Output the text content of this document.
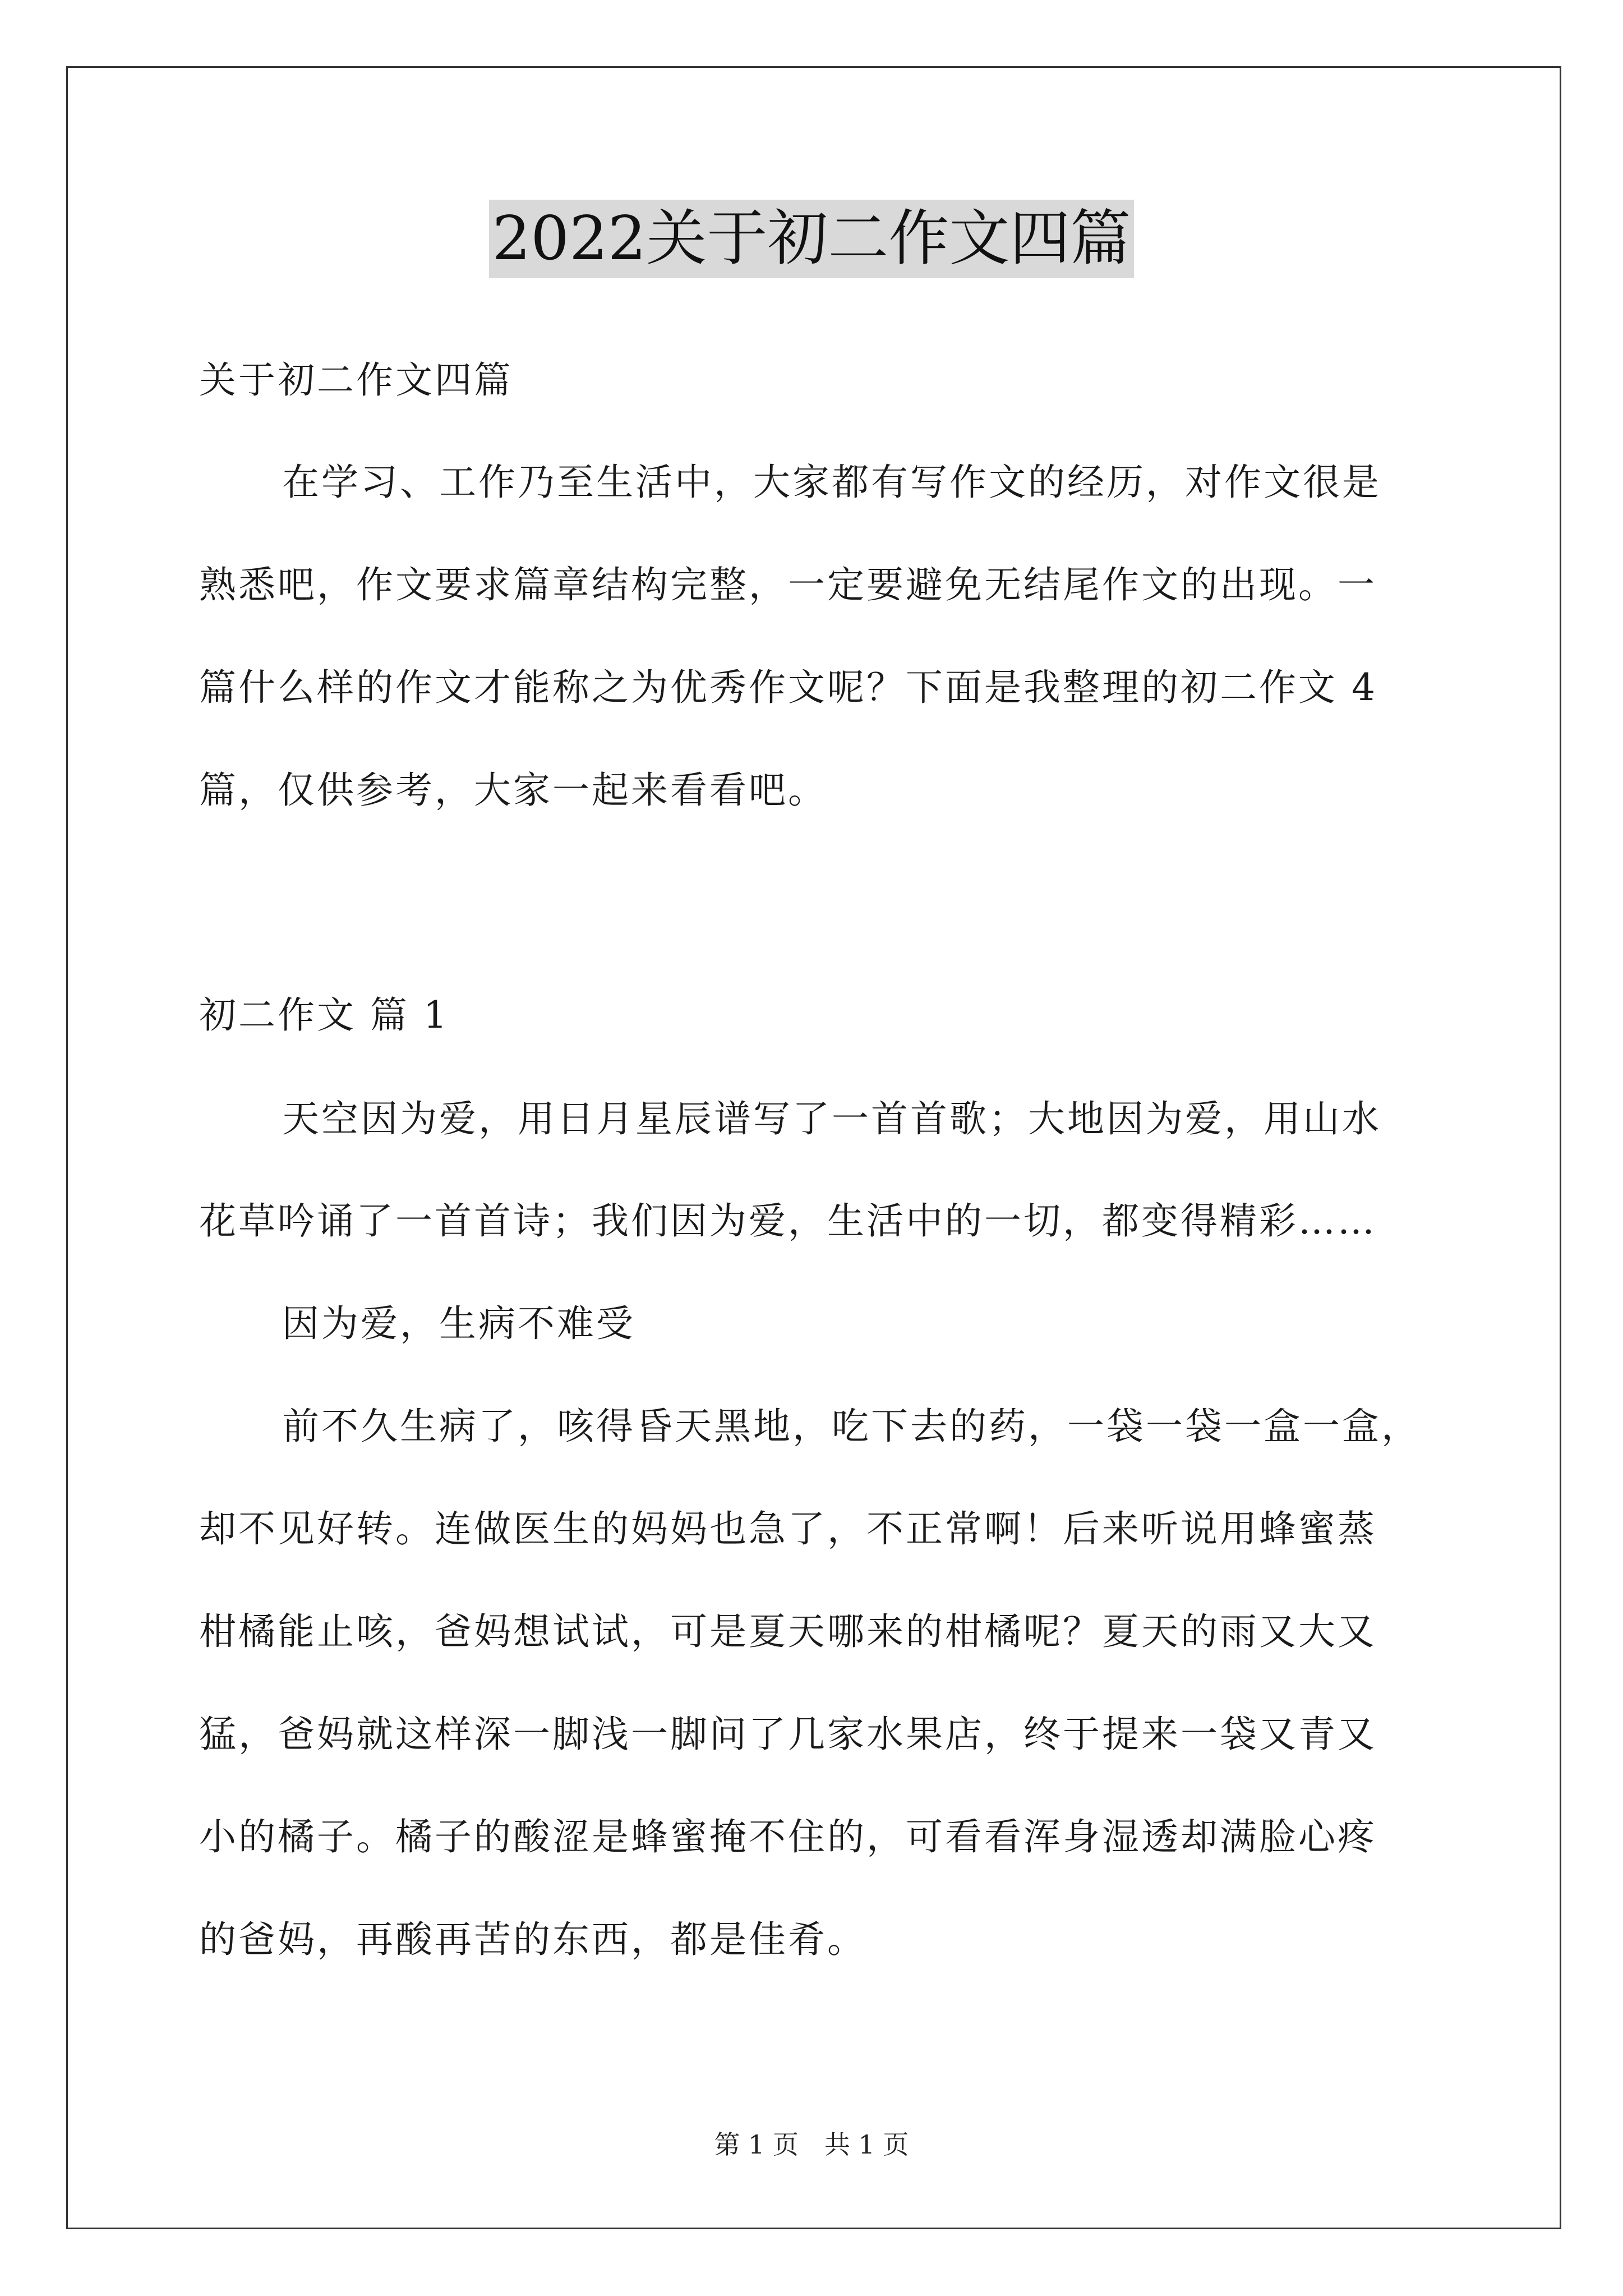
2022关于初二作文四篇
关于初二作文四篇
在学习、工作乃至生活中，大家都有写作文的经历，对作文很是
熟悉吧，作文要求篇章结构完整，一定要避免无结尾作文的出现。一
篇什么样的作文才能称之为优秀作文呢？下面是我整理的初二作文 4
篇，仅供参考，大家一起来看看吧。
初二作文 篇 1
天空因为爱，用日月星辰谱写了一首首歌；大地因为爱，用山水
花草吟诵了一首首诗；我们因为爱，生活中的一切，都变得精彩……
因为爱，生病不难受
前不久生病了，咳得昏天黑地，吃下去的药，一袋一袋一盒一盒，
却不见好转。连做医生的妈妈也急了，不正常啊！后来听说用蜂蜜蒸
柑橘能止咳，爸妈想试试，可是夏天哪来的柑橘呢？夏天的雨又大又
猛，爸妈就这样深一脚浅一脚问了几家水果店，终于提来一袋又青又
小的橘子。橘子的酸涩是蜂蜜掩不住的，可看看浑身湿透却满脸心疼
的爸妈，再酸再苦的东西，都是佳肴。
第 1 页　共 1 页
